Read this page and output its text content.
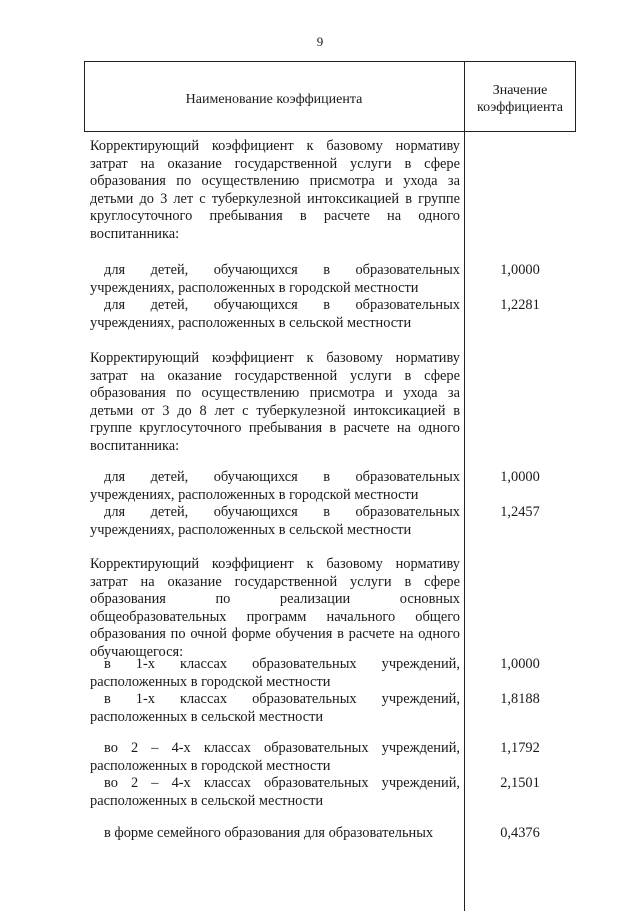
9
Наименование коэффициента
Значение
коэффициента
Корректирующий коэффициент к базовому нормативу затрат на оказание государственной услуги в сфере образования по осуществлению присмотра и ухода за детьми до 3 лет с туберкулезной интоксикацией в группе круглосуточного пребывания в расчете на одного воспитанника:
для детей, обучающихся в образовательных учреждениях, расположенных в городской местности
1,0000
для детей, обучающихся в образовательных учреждениях, расположенных в сельской местности
1,2281
Корректирующий коэффициент к базовому нормативу затрат на оказание государственной услуги в сфере образования по осуществлению присмотра и ухода за детьми от 3 до 8 лет с туберкулезной интоксикацией в группе круглосуточного пребывания в расчете на одного воспитанника:
для детей, обучающихся в образовательных учреждениях, расположенных в городской местности
1,0000
для детей, обучающихся в образовательных учреждениях, расположенных в сельской местности
1,2457
Корректирующий коэффициент к базовому нормативу затрат на оказание государственной услуги в сфере образования по реализации основных общеобразовательных программ начального общего образования по очной форме обучения в расчете на одного обучающегося:
в 1-х классах образовательных учреждений, расположенных в городской местности
1,0000
в 1-х классах образовательных учреждений, расположенных в сельской местности
1,8188
во 2 – 4-х классах образовательных учреждений, расположенных в городской местности
1,1792
во 2 – 4-х классах образовательных учреждений, расположенных в сельской местности
2,1501
в форме семейного образования для образовательных	0,4376
